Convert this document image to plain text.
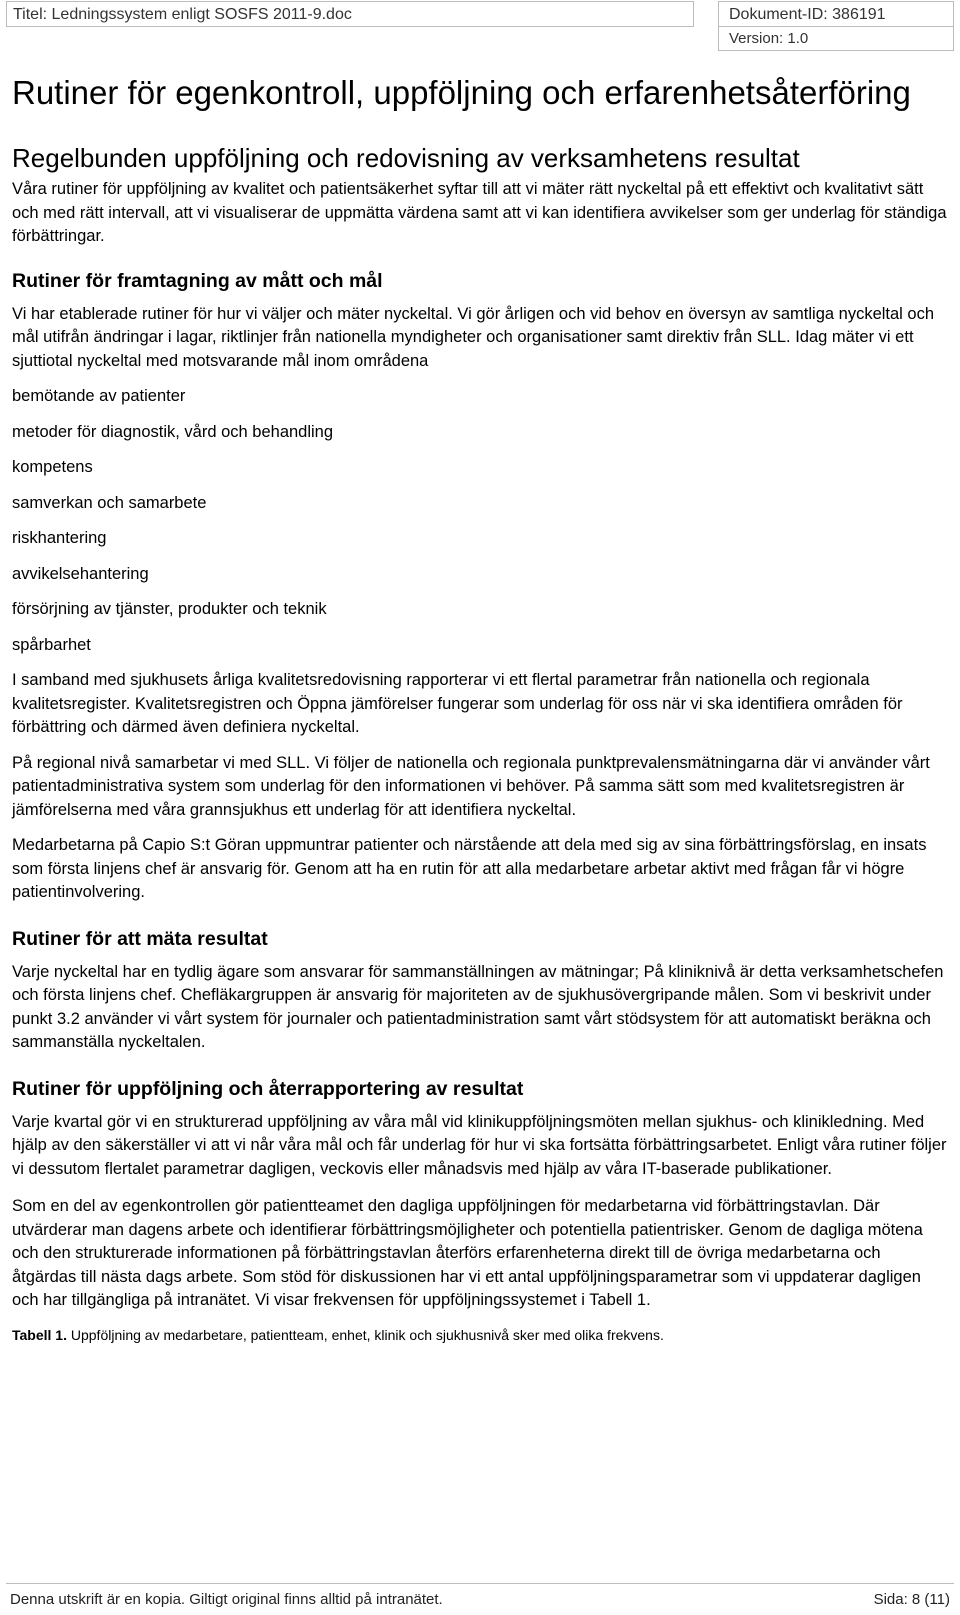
Titel: Ledningssystem enligt SOSFS 2011-9.doc	Dokument-ID: 386191
Version: 1.0
Rutiner för egenkontroll, uppföljning och erfarenhetsåterföring
Regelbunden uppföljning och redovisning av verksamhetens resultat

Våra rutiner för uppföljning av kvalitet och patientsäkerhet syftar till att vi mäter rätt nyckeltal på ett effektivt och kvalitativt sätt och med rätt intervall, att vi visualiserar de uppmätta värdena samt att vi kan identifiera avvikelser som ger underlag för ständiga förbättringar.

Rutiner för framtagning av mått och mål

Vi har etablerade rutiner för hur vi väljer och mäter nyckeltal. Vi gör årligen och vid behov en översyn av samtliga nyckeltal och mål utifrån ändringar i lagar, riktlinjer från nationella myndigheter och organisationer samt direktiv från SLL. Idag mäter vi ett sjuttiotal nyckeltal med motsvarande mål inom områdena

bemötande av patienter

metoder för diagnostik, vård och behandling

kompetens

samverkan och samarbete

riskhantering

avvikelsehantering

försörjning av tjänster, produkter och teknik

spårbarhet

I samband med sjukhusets årliga kvalitetsredovisning rapporterar vi ett flertal parametrar från nationella och regionala kvalitetsregister. Kvalitetsregistren och Öppna jämförelser fungerar som underlag för oss när vi ska identifiera områden för förbättring och därmed även definiera nyckeltal.

På regional nivå samarbetar vi med SLL. Vi följer de nationella och regionala punktprevalensmätningarna där vi använder vårt patientadministrativa system som underlag för den informationen vi behöver. På samma sätt som med kvalitetsregistren är jämförelserna med våra grannsjukhus ett underlag för att identifiera nyckeltal.

Medarbetarna på Capio S:t Göran uppmuntrar patienter och närstående att dela med sig av sina förbättringsförslag, en insats som första linjens chef är ansvarig för. Genom att ha en rutin för att alla medarbetare arbetar aktivt med frågan får vi högre patientinvolvering.

Rutiner för att mäta resultat

Varje nyckeltal har en tydlig ägare som ansvarar för sammanställningen av mätningar; På kliniknivå är detta verksamhetschefen och första linjens chef. Chefläkargruppen är ansvarig för majoriteten av de sjukhusövergripande målen. Som vi beskrivit under punkt 3.2 använder vi vårt system för journaler och patientadministration samt vårt stödsystem för att automatiskt beräkna och sammanställa nyckeltalen.

Rutiner för uppföljning och återrapportering av resultat

Varje kvartal gör vi en strukturerad uppföljning av våra mål vid klinikuppföljningsmöten mellan sjukhus- och klinikledning. Med hjälp av den säkerställer vi att vi når våra mål och får underlag för hur vi ska fortsätta förbättringsarbetet. Enligt våra rutiner följer vi dessutom flertalet parametrar dagligen, veckovis eller månadsvis med hjälp av våra IT-baserade publikationer.

Som en del av egenkontrollen gör patientteamet den dagliga uppföljningen för medarbetarna vid förbättringstavlan. Där utvärderar man dagens arbete och identifierar förbättringsmöjligheter och potentiella patientrisker. Genom de dagliga mötena och den strukturerade informationen på förbättringstavlan återförs erfarenheterna direkt till de övriga medarbetarna och åtgärdas till nästa dags arbete. Som stöd för diskussionen har vi ett antal uppföljningsparametrar som vi uppdaterar dagligen och har tillgängliga på intranätet. Vi visar frekvensen för uppföljningssystemet i Tabell 1.

Tabell 1. Uppföljning av medarbetare, patientteam, enhet, klinik och sjukhusnivå sker med olika frekvens.

Denna utskrift är en kopia. Giltigt original finns alltid på intranätet.	Sida: 8 (11)
